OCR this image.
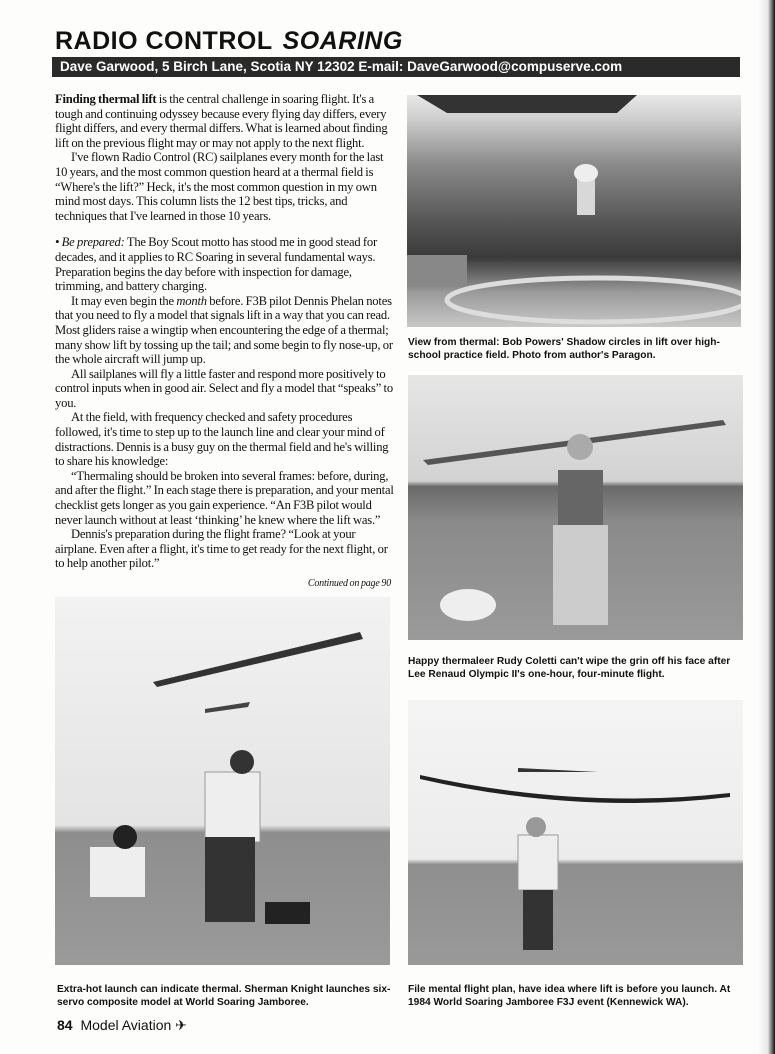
RADIO CONTROL SOARING
Dave Garwood, 5 Birch Lane, Scotia NY 12302 E-mail: DaveGarwood@compuserve.com

Finding thermal lift is the central challenge in soaring flight. It's a tough and continuing odyssey because every flying day differs, every flight differs, and every thermal differs. What is learned about finding lift on the previous flight may or may not apply to the next flight.

I've flown Radio Control (RC) sailplanes every month for the last 10 years, and the most common question heard at a thermal field is “Where's the lift?” Heck, it's the most common question in my own mind most days. This column lists the 12 best tips, tricks, and techniques that I've learned in those 10 years.

• Be prepared: The Boy Scout motto has stood me in good stead for decades, and it applies to RC Soaring in several fundamental ways. Preparation begins the day before with inspection for damage, trimming, and battery charging.

It may even begin the month before. F3B pilot Dennis Phelan notes that you need to fly a model that signals lift in a way that you can read. Most gliders raise a wingtip when encountering the edge of a thermal; many show lift by tossing up the tail; and some begin to fly nose-up, or the whole aircraft will jump up.

All sailplanes will fly a little faster and respond more positively to control inputs when in good air. Select and fly a model that “speaks” to you.

At the field, with frequency checked and safety procedures followed, it's time to step up to the launch line and clear your mind of distractions. Dennis is a busy guy on the thermal field and he's willing to share his knowledge:

“Thermaling should be broken into several frames: before, during, and after the flight.” In each stage there is preparation, and your mental checklist gets longer as you gain experience. “An F3B pilot would never launch without at least ‘thinking’ he knew where the lift was.”

Dennis's preparation during the flight frame? “Look at your airplane. Even after a flight, it's time to get ready for the next flight, or to help another pilot.”

Continued on page 90
View from thermal: Bob Powers' Shadow circles in lift over high-school practice field. Photo from author's Paragon.
Happy thermaleer Rudy Coletti can't wipe the grin off his face after Lee Renaud Olympic II's one-hour, four-minute flight.
Extra-hot launch can indicate thermal. Sherman Knight launches six-servo composite model at World Soaring Jamboree.
File mental flight plan, have idea where lift is before you launch. At 1984 World Soaring Jamboree F3J event (Kennewick WA).
84 Model Aviation ✈
